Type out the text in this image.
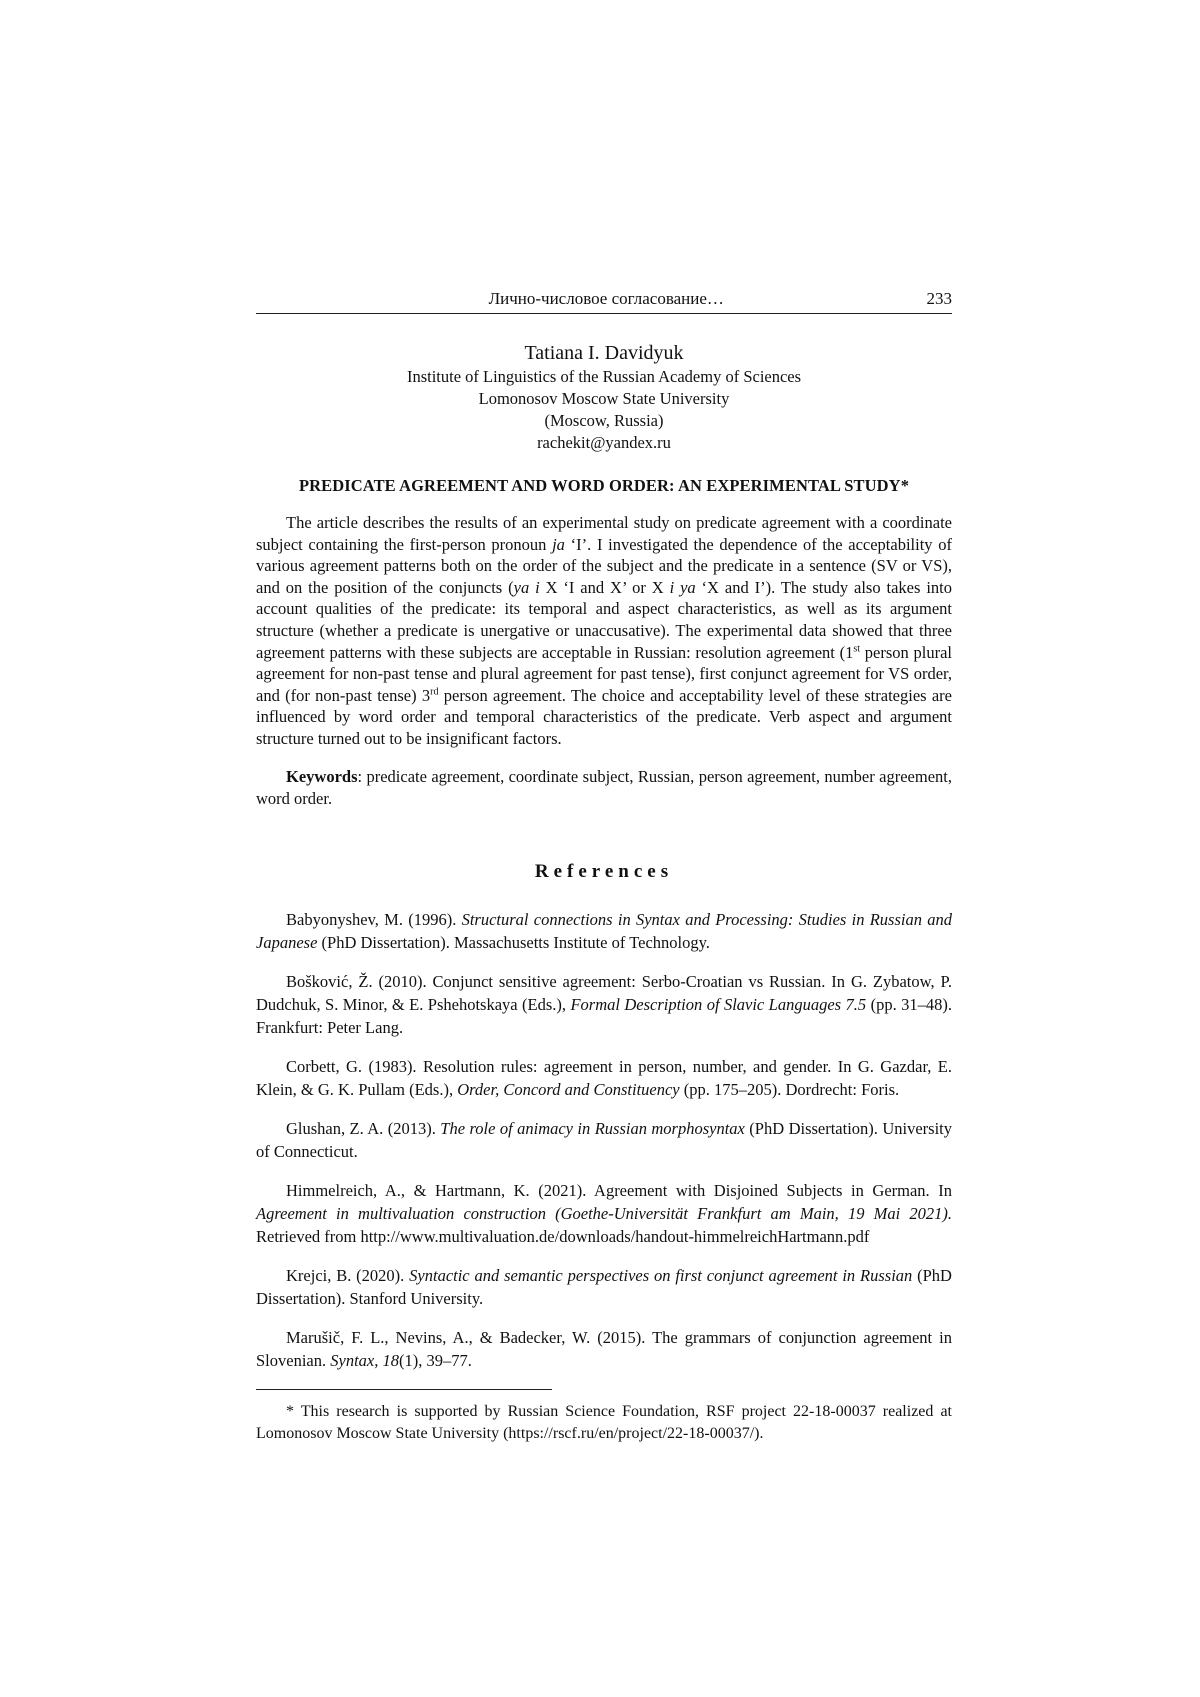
Лично-числовое согласование…	233
Tatiana I. Davidyuk
Institute of Linguistics of the Russian Academy of Sciences
Lomonosov Moscow State University
(Moscow, Russia)
rachekit@yandex.ru
PREDICATE AGREEMENT AND WORD ORDER: AN EXPERIMENTAL STUDY*

The article describes the results of an experimental study on predicate agreement with a coordinate subject containing the first-person pronoun ja ‘I’. I investigated the dependence of the acceptability of various agreement patterns both on the order of the subject and the predicate in a sentence (SV or VS), and on the position of the conjuncts (ya i X ‘I and X’ or X i ya ‘X and I’). The study also takes into account qualities of the predicate: its temporal and aspect characteristics, as well as its argument structure (whether a predicate is unergative or unaccusative). The experimental data showed that three agreement patterns with these subjects are acceptable in Russian: resolution agreement (1st person plural agreement for non-past tense and plural agreement for past tense), first conjunct agreement for VS order, and (for non-past tense) 3rd person agreement. The choice and acceptability level of these strategies are influenced by word order and temporal characteristics of the predicate. Verb aspect and argument structure turned out to be insignificant factors.

Keywords: predicate agreement, coordinate subject, Russian, person agreement, number agreement, word order.

References

Babyonyshev, M. (1996). Structural connections in Syntax and Processing: Studies in Russian and Japanese (PhD Dissertation). Massachusetts Institute of Technology.

Bošković, Ž. (2010). Conjunct sensitive agreement: Serbo-Croatian vs Russian. In G. Zybatow, P. Dudchuk, S. Minor, & E. Pshehotskaya (Eds.), Formal Description of Slavic Languages 7.5 (pp. 31–48). Frankfurt: Peter Lang.

Corbett, G. (1983). Resolution rules: agreement in person, number, and gender. In G. Gazdar, E. Klein, & G. K. Pullam (Eds.), Order, Concord and Constituency (pp. 175–205). Dordrecht: Foris.

Glushan, Z. A. (2013). The role of animacy in Russian morphosyntax (PhD Dissertation). University of Connecticut.

Himmelreich, A., & Hartmann, K. (2021). Agreement with Disjoined Subjects in German. In Agreement in multivaluation construction (Goethe-Universität Frankfurt am Main, 19 Mai 2021). Retrieved from http://www.multivaluation.de/downloads/handout-himmelreichHartmann.pdf

Krejci, B. (2020). Syntactic and semantic perspectives on first conjunct agreement in Russian (PhD Dissertation). Stanford University.

Marušič, F. L., Nevins, A., & Badecker, W. (2015). The grammars of conjunction agreement in Slovenian. Syntax, 18(1), 39–77.

* This research is supported by Russian Science Foundation, RSF project 22-18-00037 realized at Lomonosov Moscow State University (https://rscf.ru/en/project/22-18-00037/).
